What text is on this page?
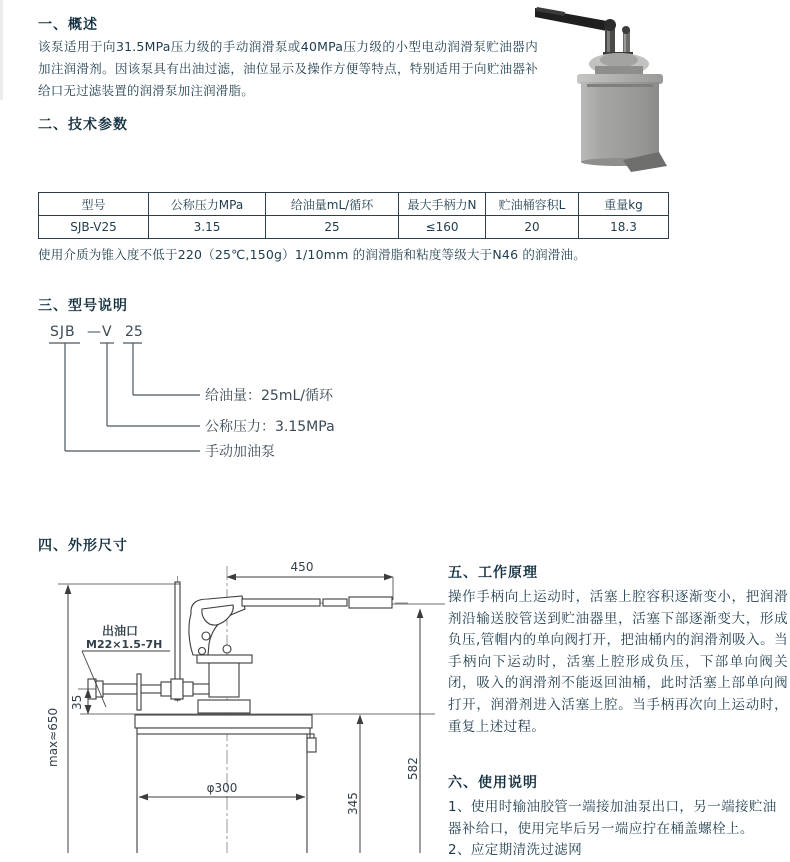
一、概述
该泵适用于向31.5MPa压力级的手动润滑泵或40MPa压力级的小型电动润滑泵贮油器内加注润滑剂。因该泵具有出油过滤，油位显示及操作方便等特点，特别适用于向贮油器补给口无过滤装置的润滑泵加注润滑脂。
二、技术参数
型号	公称压力MPa	给油量mL/循环	最大手柄力N	贮油桶容积L	重量kg
SJB-V25	3.15	25	≤160	20	18.3
使用介质为锥入度不低于220（25℃,150g）1/10mm 的润滑脂和粘度等级大于N46 的润滑油。
三、型号说明
SJB — V 25
给油量：25mL/循环
公称压力：3.15MPa
手动加油泵
四、外形尺寸
450
max≈650
35
582
345
φ300
出油口
M22×1.5-7H
五、工作原理
操作手柄向上运动时，活塞上腔容积逐渐变小，把润滑剂沿输送胶管送到贮油器里，活塞下部逐渐变大，形成负压,管帽内的单向阀打开，把油桶内的润滑剂吸入。当手柄向下运动时，活塞上腔形成负压，下部单向阀关闭，吸入的润滑剂不能返回油桶，此时活塞上部单向阀打开，润滑剂进入活塞上腔。当手柄再次向上运动时，重复上述过程。
六、使用说明
1、使用时输油胶管一端接加油泵出口，另一端接贮油器补给口，使用完毕后另一端应拧在桶盖螺栓上。
2、应定期清洗过滤网
